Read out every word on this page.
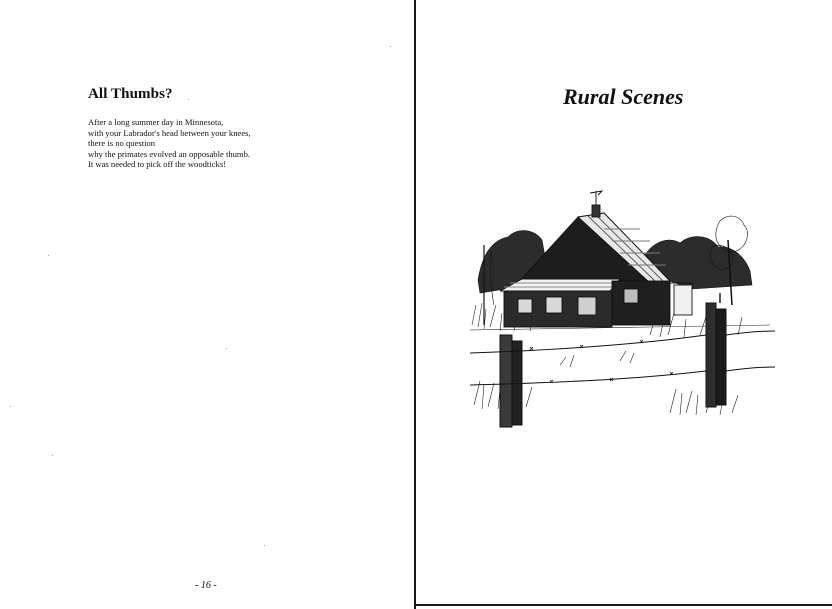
All Thumbs?
After a long summer day in Minnesota,
with your Labrador's head between your knees,
there is no question
why the primates evolved an opposable thumb.
It was needed to pick off the woodticks!
- 16 -
Rural Scenes
